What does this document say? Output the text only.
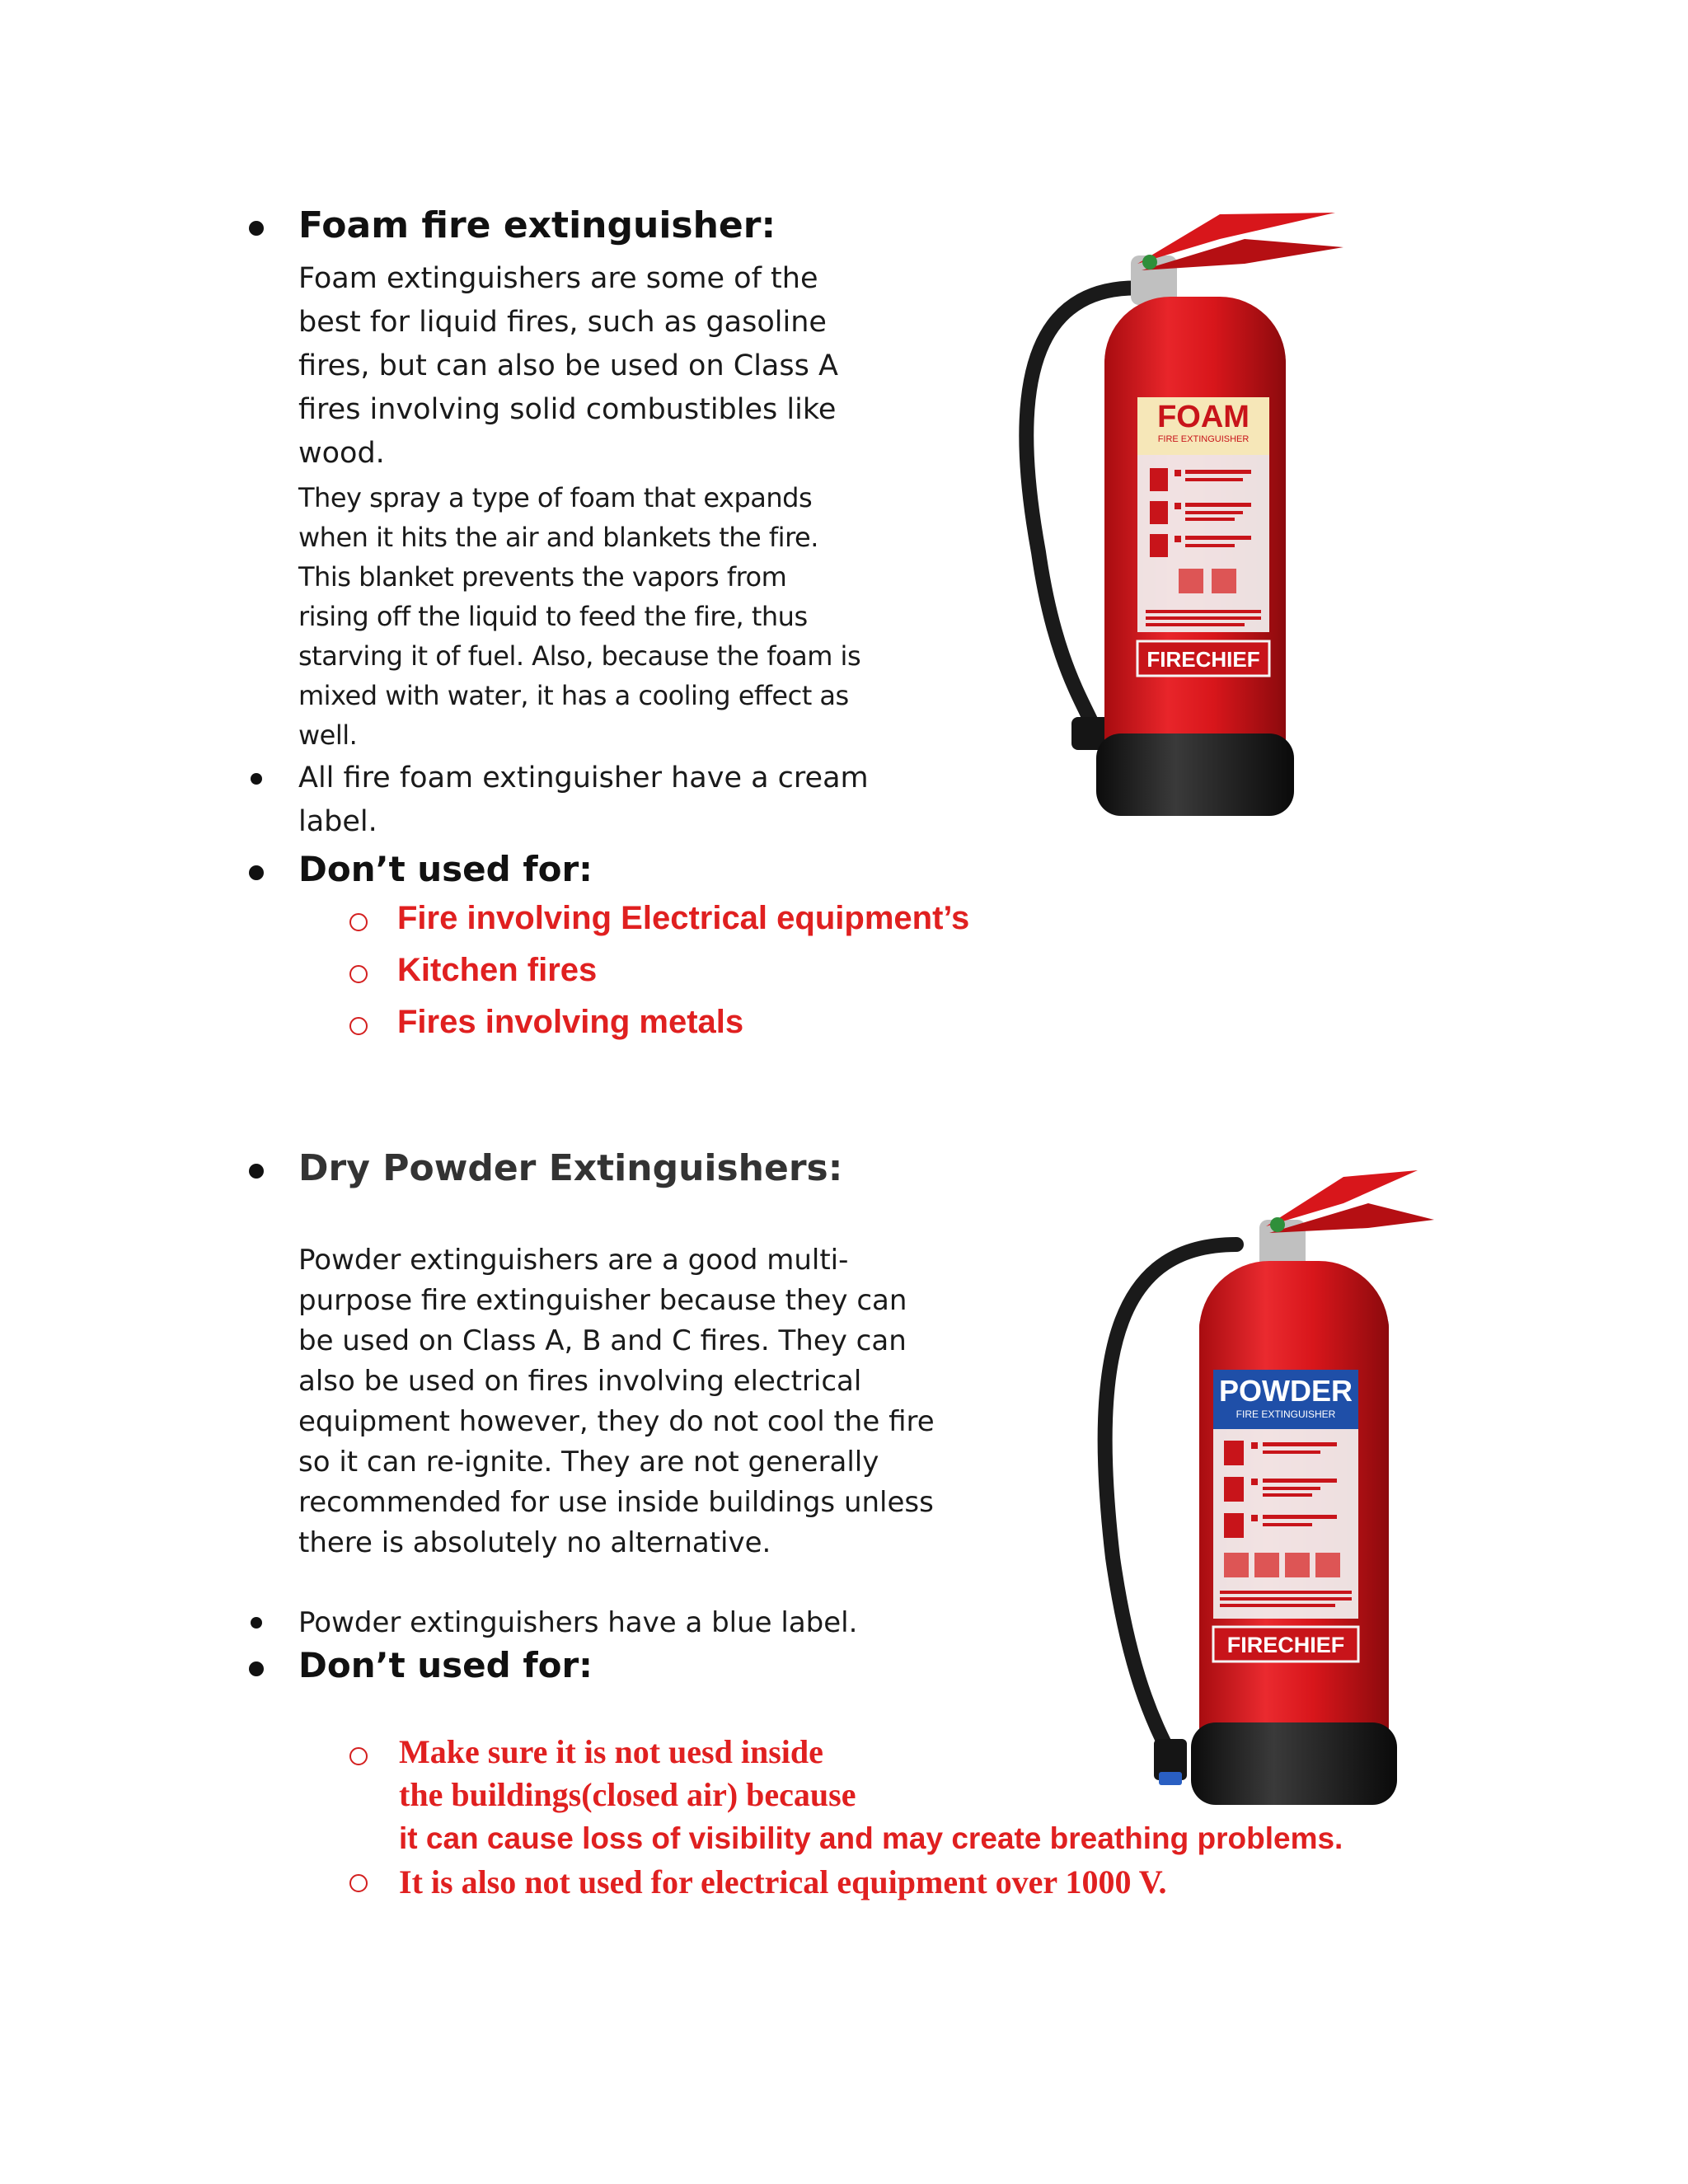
Foam fire extinguisher:
Foam extinguishers are some of the
best for liquid fires, such as gasoline
fires, but can also be used on Class A
fires involving solid combustibles like
wood.
They spray a type of foam that expands
when it hits the air and blankets the fire.
This blanket prevents the vapors from
rising off the liquid to feed the fire, thus
starving it of fuel. Also, because the foam is
mixed with water, it has a cooling effect as
well.
All fire foam extinguisher have a cream
label.
Don’t used for:
Fire involving Electrical equipment’s
Kitchen fires
Fires involving metals
FOAM
FIRE EXTINGUISHER
FIRECHIEF
Dry Powder Extinguishers:
Powder extinguishers are a good multi-
purpose fire extinguisher because they can
be used on Class A, B and C fires. They can
also be used on fires involving electrical
equipment however, they do not cool the fire
so it can re-ignite. They are not generally
recommended for use inside buildings unless
there is absolutely no alternative.
Powder extinguishers have a blue label.
Don’t used for:
Make sure it is not uesd inside
the buildings(closed air) because
it can cause loss of visibility and may create breathing problems.
It is also not used for electrical equipment over 1000 V.
POWDER
FIRE EXTINGUISHER
FIRECHIEF
